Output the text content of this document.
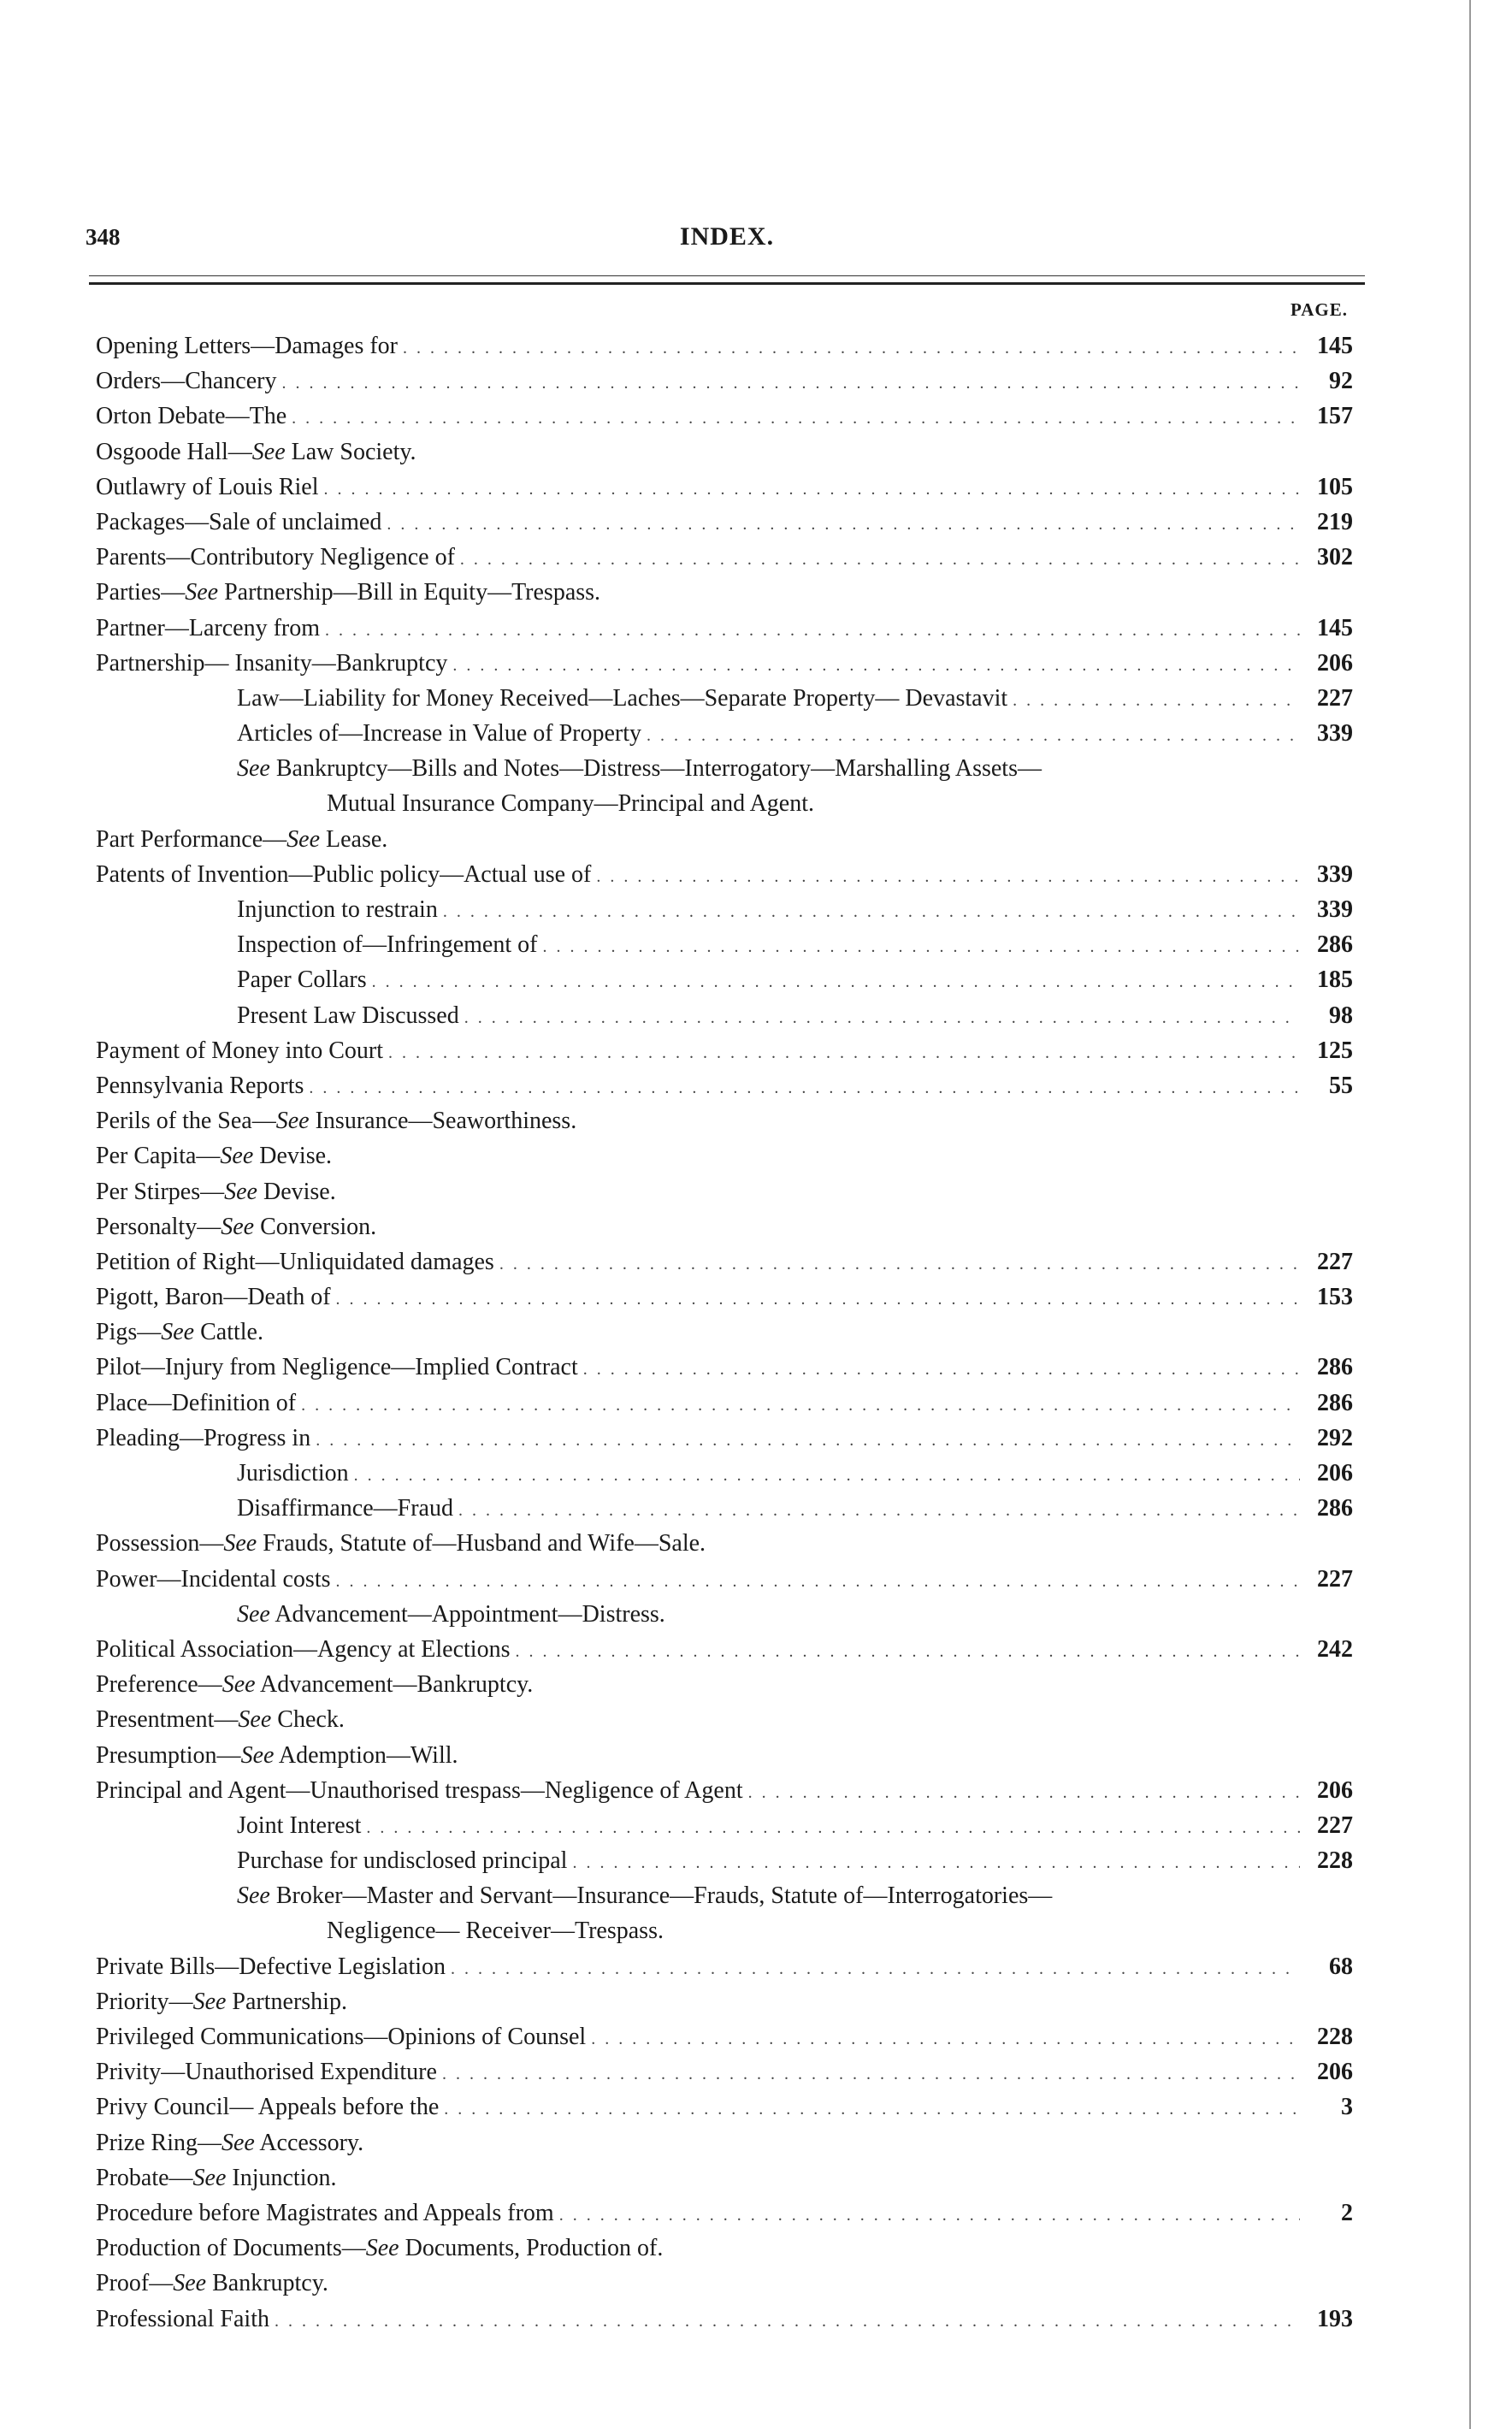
348	INDEX.
PAGE.
Opening Letters—Damages for . . .	145
Orders—Chancery . . .	92
Orton Debate—The . . .	157
Osgoode Hall—See Law Society.
Outlawry of Louis Riel . . .	105
Packages—Sale of unclaimed . . .	219
Parents—Contributory Negligence of . . .	302
Parties—See Partnership—Bill in Equity—Trespass.
Partner—Larceny from . . .	145
Partnership— Insanity—Bankruptcy . . .	206
Law—Liability for Money Received—Laches—Separate Property— Devastavit . . .	227
Articles of—Increase in Value of Property . . .	339
See Bankruptcy—Bills and Notes—Distress—Interrogatory—Marshalling Assets—
Mutual Insurance Company—Principal and Agent.
Part Performance—See Lease.
Patents of Invention—Public policy—Actual use of . . .	339
Injunction to restrain . . .	339
Inspection of—Infringement of . . .	286
Paper Collars . . .	185
Present Law Discussed . . .	98
Payment of Money into Court . . .	125
Pennsylvania Reports . . .	55
Perils of the Sea—See Insurance—Seaworthiness.
Per Capita—See Devise.
Per Stirpes—See Devise.
Personalty—See Conversion.
Petition of Right—Unliquidated damages . . .	227
Pigott, Baron—Death of . . .	153
Pigs—See Cattle.
Pilot—Injury from Negligence—Implied Contract . . .	286
Place—Definition of . . .	286
Pleading—Progress in . . .	292
Jurisdiction . . .	206
Disaffirmance—Fraud . . .	286
Possession—See Frauds, Statute of—Husband and Wife—Sale.
Power—Incidental costs . . .	227
See Advancement—Appointment—Distress.
Political Association—Agency at Elections . . .	242
Preference—See Advancement—Bankruptcy.
Presentment—See Check.
Presumption—See Ademption—Will.
Principal and Agent—Unauthorised trespass—Negligence of Agent . . .	206
Joint Interest . . .	227
Purchase for undisclosed principal . . .	228
See Broker—Master and Servant—Insurance—Frauds, Statute of—Interrogatories—
Negligence— Receiver—Trespass.
Private Bills—Defective Legislation . . .	68
Priority—See Partnership.
Privileged Communications—Opinions of Counsel . . .	228
Privity—Unauthorised Expenditure . . .	206
Privy Council— Appeals before the . . .	3
Prize Ring—See Accessory.
Probate—See Injunction.
Procedure before Magistrates and Appeals from . . .	2
Production of Documents—See Documents, Production of.
Proof—See Bankruptcy.
Professional Faith . . .	193
